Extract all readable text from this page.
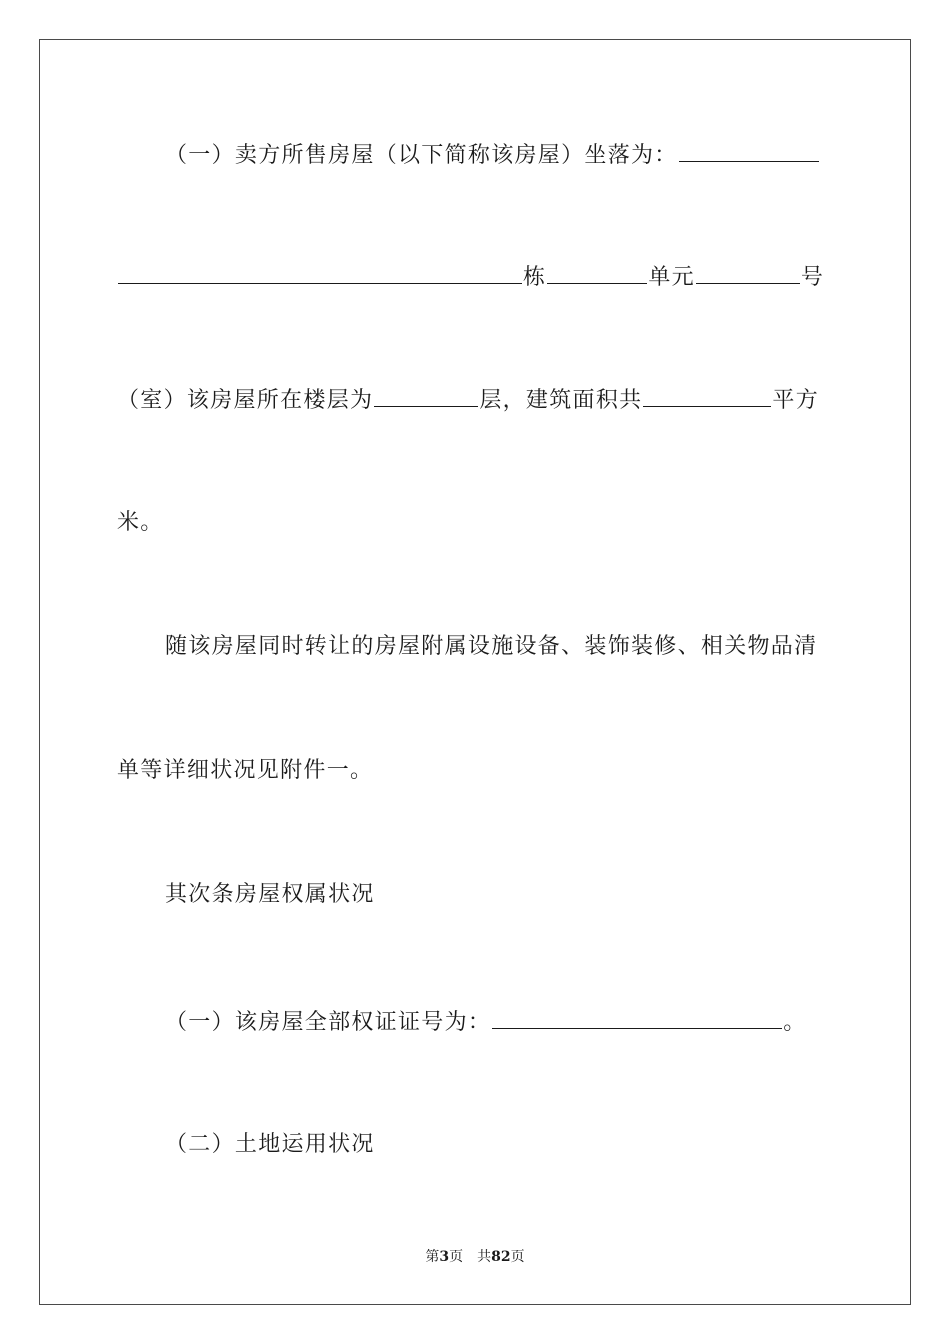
（一）卖方所售房屋（以下简称该房屋）坐落为：
栋	单元	号
（室）该房屋所在楼层为	层，建筑面积共	平方
米。
随该房屋同时转让的房屋附属设施设备、装饰装修、相关物品清
单等详细状况见附件一。
其次条房屋权属状况
（一）该房屋全部权证证号为：	。
（二）土地运用状况
第3页 共82页
